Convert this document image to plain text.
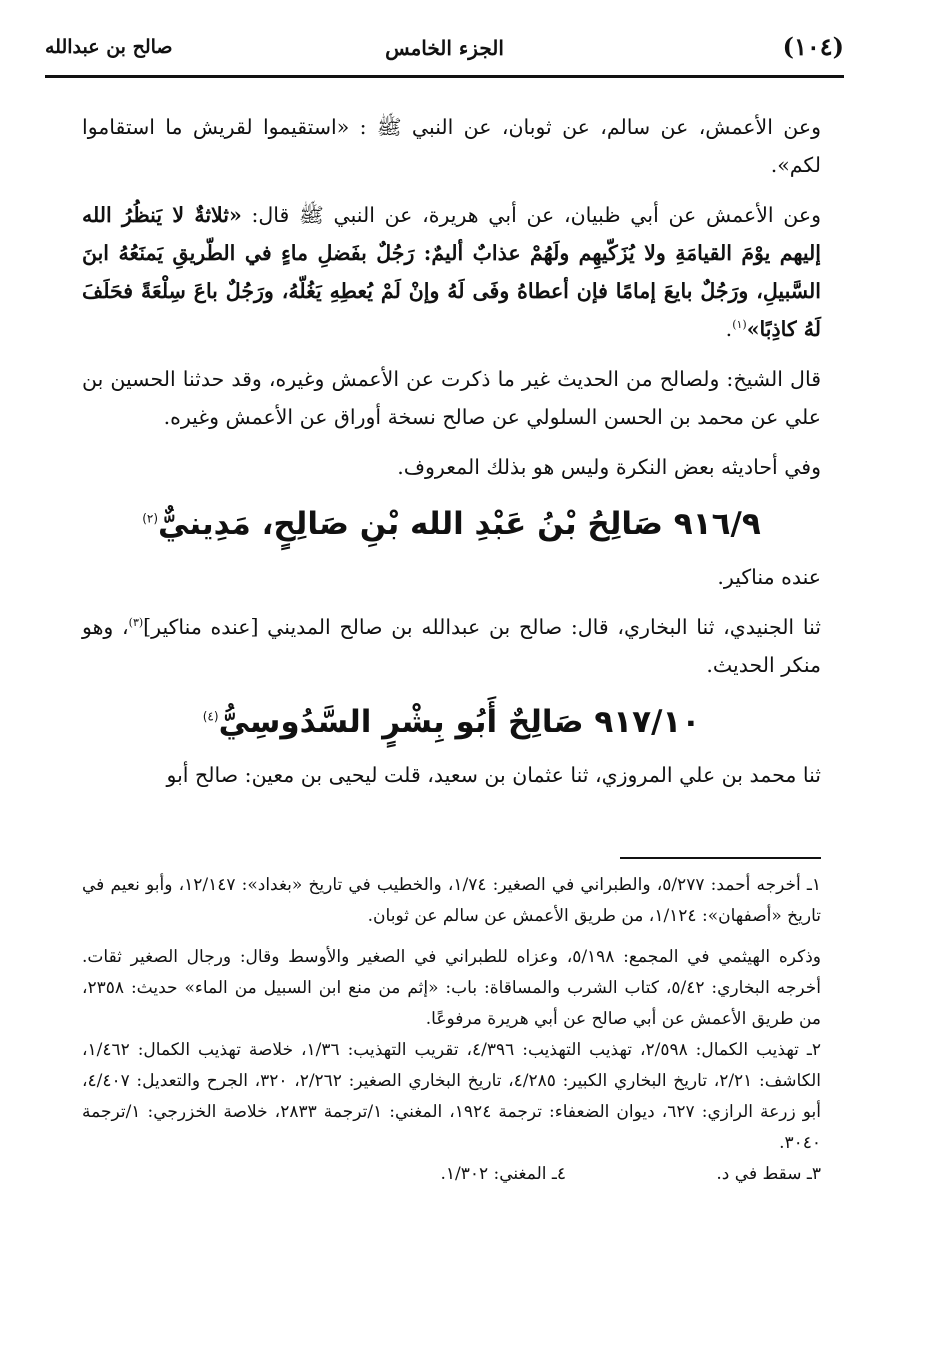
(١٠٤)
الجزء الخامس
صالح بن عبدالله

وعن الأعمش، عن سالم، عن ثوبان، عن النبي ﷺ : «استقيموا لقريش ما استقاموا لكم».

وعن الأعمش عن أبي ظبيان، عن أبي هريرة، عن النبي ﷺ قال: «ثلاثةٌ لا يَنظُرُ الله إليهم يوْمَ القيامَةِ ولا يُزَكّيهِم ولَهُمْ عذابٌ أليمٌ: رَجُلٌ بفَضلِ ماءٍ في الطّريقِ يَمنَعُهُ ابنَ السَّبيلِ، ورَجُلٌ بايعَ إمامًا فإن أعطاهُ وفَى لَهُ وإنْ لَمْ يُعطِهِ يَغُلّهُ، ورَجُلٌ باعَ سِلْعَةً فحَلَفَ لَهُ كاذِبًا»$^{(١)}$.

قال الشيخ: ولصالح من الحديث غير ما ذكرت عن الأعمش وغيره، وقد حدثنا الحسين بن علي عن محمد بن الحسن السلولي عن صالح نسخة أوراق عن الأعمش وغيره.

وفي أحاديثه بعض النكرة وليس هو بذلك المعروف.

٩١٦/٩ صَالِحُ بْنُ عَبْدِ الله بْنِ صَالِحٍ، مَدِينيٌّ$^{(٢)}$

عنده مناكير.

ثنا الجنيدي، ثنا البخاري، قال: صالح بن عبدالله بن صالح المديني [عنده مناكير]$^{(٣)}$، وهو منكر الحديث.

٩١٧/١٠ صَالِحٌ أَبُو بِشْرٍ السَّدُوسِيُّ$^{(٤)}$

ثنا محمد بن علي المروزي، ثنا عثمان بن سعيد، قلت ليحيى بن معين: صالح أبو

١ـ أخرجه أحمد: ٥/٢٧٧، والطبراني في الصغير: ١/٧٤، والخطيب في تاريخ «بغداد»: ١٢/١٤٧، وأبو نعيم في تاريخ «أصفهان»: ١/١٢٤، من طريق الأعمش عن سالم عن ثوبان.

وذكره الهيثمي في المجمع: ٥/١٩٨، وعزاه للطبراني في الصغير والأوسط وقال: ورجال الصغير ثقات. أخرجه البخاري: ٥/٤٢، كتاب الشرب والمساقاة: باب: «إثم من منع ابن السبيل من الماء» حديث: ٢٣٥٨، من طريق الأعمش عن أبي صالح عن أبي هريرة مرفوعًا.

٢ـ تهذيب الكمال: ٢/٥٩٨، تهذيب التهذيب: ٤/٣٩٦، تقريب التهذيب: ١/٣٦، خلاصة تهذيب الكمال: ١/٤٦٢، الكاشف: ٢/٢١، تاريخ البخاري الكبير: ٤/٢٨٥، تاريخ البخاري الصغير: ٢/٢٦٢، ٣٢٠، الجرح والتعديل: ٤/٤٠٧، أبو زرعة الرازي: ٦٢٧، ديوان الضعفاء: ترجمة ١٩٢٤، المغني: ١/ترجمة ٢٨٣٣، خلاصة الخزرجي: ١/ترجمة ٣٠٤٠.

٣ـ سقط في د.
٤ـ المغني: ١/٣٠٢.
